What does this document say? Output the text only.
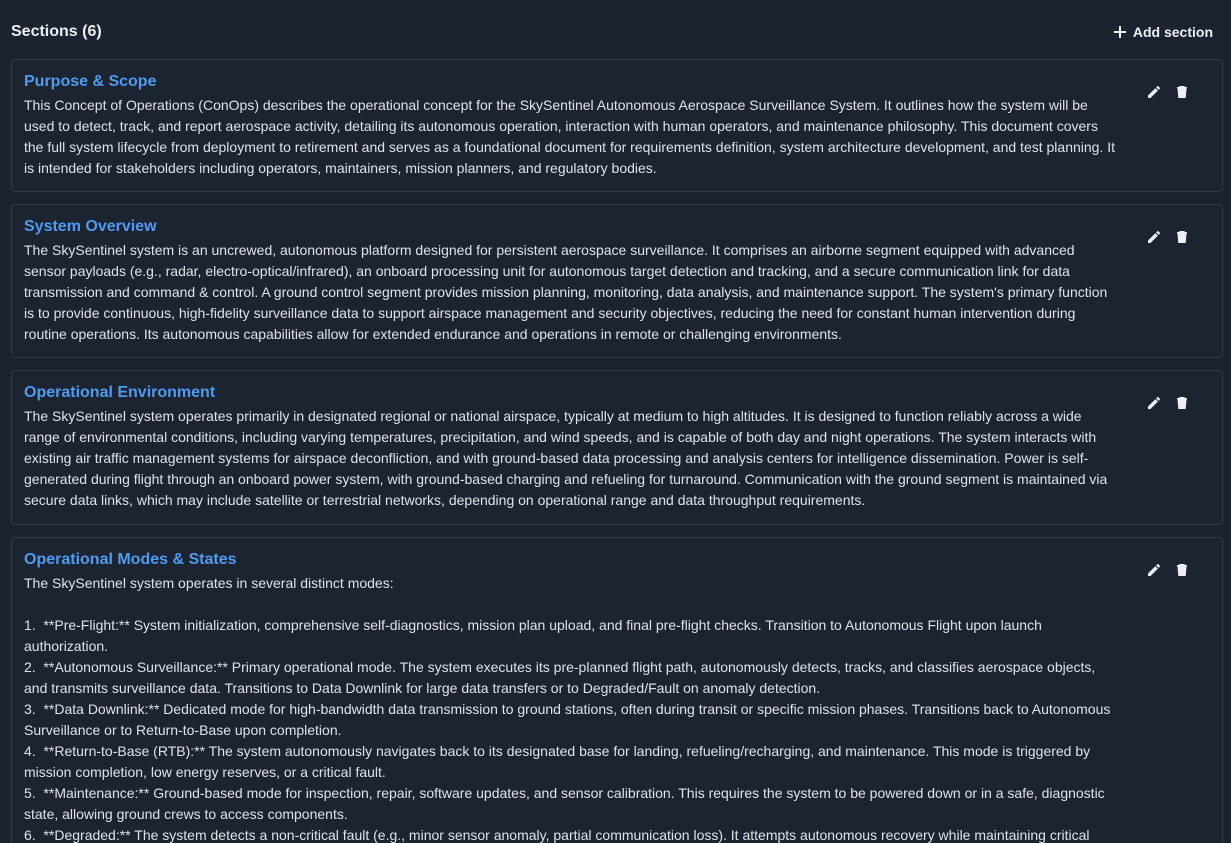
Sections (6)	Add section
Purpose & Scope

This Concept of Operations (ConOps) describes the operational concept for the SkySentinel Autonomous Aerospace Surveillance System. It outlines how the system will be used to detect, track, and report aerospace activity, detailing its autonomous operation, interaction with human operators, and maintenance philosophy. This document covers the full system lifecycle from deployment to retirement and serves as a foundational document for requirements definition, system architecture development, and test planning. It is intended for stakeholders including operators, maintainers, mission planners, and regulatory bodies.

System Overview

The SkySentinel system is an uncrewed, autonomous platform designed for persistent aerospace surveillance. It comprises an airborne segment equipped with advanced sensor payloads (e.g., radar, electro-optical/infrared), an onboard processing unit for autonomous target detection and tracking, and a secure communication link for data transmission and command & control. A ground control segment provides mission planning, monitoring, data analysis, and maintenance support. The system's primary function is to provide continuous, high-fidelity surveillance data to support airspace management and security objectives, reducing the need for constant human intervention during routine operations. Its autonomous capabilities allow for extended endurance and operations in remote or challenging environments.

Operational Environment

The SkySentinel system operates primarily in designated regional or national airspace, typically at medium to high altitudes. It is designed to function reliably across a wide range of environmental conditions, including varying temperatures, precipitation, and wind speeds, and is capable of both day and night operations. The system interacts with existing air traffic management systems for airspace deconfliction, and with ground-based data processing and analysis centers for intelligence dissemination. Power is self-generated during flight through an onboard power system, with ground-based charging and refueling for turnaround. Communication with the ground segment is maintained via secure data links, which may include satellite or terrestrial networks, depending on operational range and data throughput requirements.

Operational Modes & States

The SkySentinel system operates in several distinct modes:

1.  **Pre-Flight:** System initialization, comprehensive self-diagnostics, mission plan upload, and final pre-flight checks. Transition to Autonomous Flight upon launch authorization.
2.  **Autonomous Surveillance:** Primary operational mode. The system executes its pre-planned flight path, autonomously detects, tracks, and classifies aerospace objects, and transmits surveillance data. Transitions to Data Downlink for large data transfers or to Degraded/Fault on anomaly detection.
3.  **Data Downlink:** Dedicated mode for high-bandwidth data transmission to ground stations, often during transit or specific mission phases. Transitions back to Autonomous Surveillance or to Return-to-Base upon completion.
4.  **Return-to-Base (RTB):** The system autonomously navigates back to its designated base for landing, refueling/recharging, and maintenance. This mode is triggered by mission completion, low energy reserves, or a critical fault.
5.  **Maintenance:** Ground-based mode for inspection, repair, software updates, and sensor calibration. This requires the system to be powered down or in a safe, diagnostic state, allowing ground crews to access components.
6.  **Degraded:** The system detects a non-critical fault (e.g., minor sensor anomaly, partial communication loss). It attempts autonomous recovery while maintaining critical
